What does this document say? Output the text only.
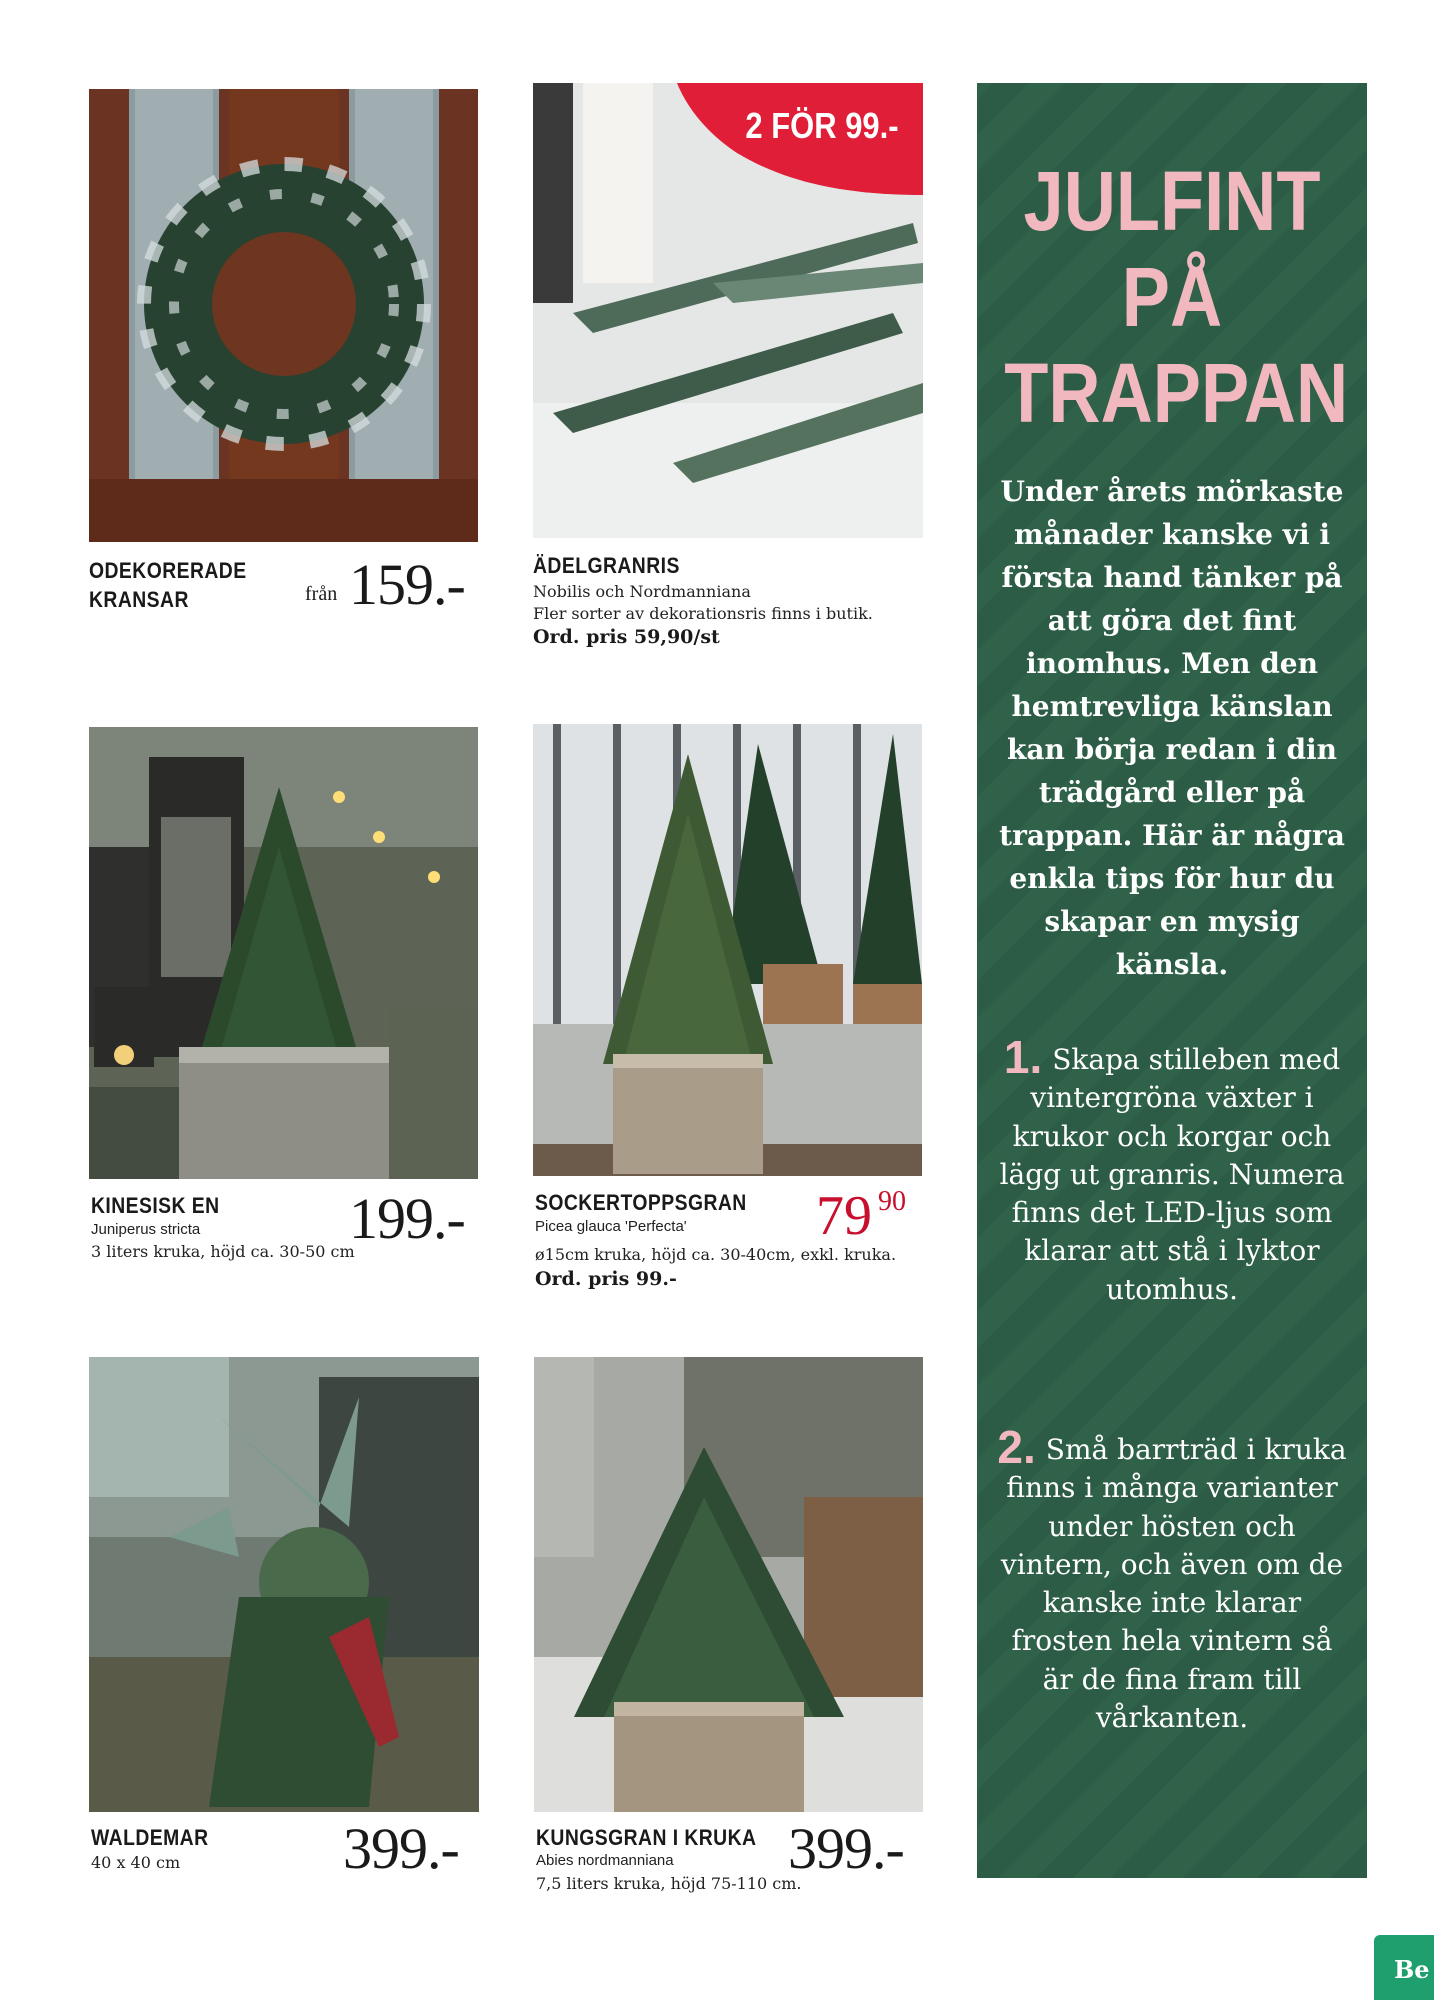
ODEKORERADE
KRANSAR	från 159.-
2 FÖR 99.-
ÄDELGRANRIS
Nobilis och Nordmanniana
Fler sorter av dekorationsris finns i butik.
Ord. pris 59,90/st
KINESISK EN
Juniperus stricta
3 liters kruka, höjd ca. 30-50 cm
199.-	SOCKERTOPPSGRAN
Picea glauca 'Perfecta'
ø15cm kruka, höjd ca. 30-40cm, exkl. kruka.
Ord. pris 99.-
79 90
WALDEMAR
40 x 40 cm	399.-	KUNGSGRAN I KRUKA
Abies nordmanniana
7,5 liters kruka, höjd 75-110 cm.
399.-
JULFINT
PÅ
TRAPPAN
Under årets mörkaste månader kanske vi i första hand tänker på att göra det fint inomhus. Men den hemtrevliga känslan kan börja redan i din trädgård eller på trappan. Här är några enkla tips för hur du skapar en mysig känsla.
1. Skapa stilleben med vintergröna växter i krukor och korgar och lägg ut granris. Numera finns det LED-ljus som klarar att stå i lyktor utomhus.
2. Små barrträd i kruka finns i många varianter under hösten och vintern, och även om de kanske inte klarar frosten hela vintern så är de fina fram till vårkanten.
Be
